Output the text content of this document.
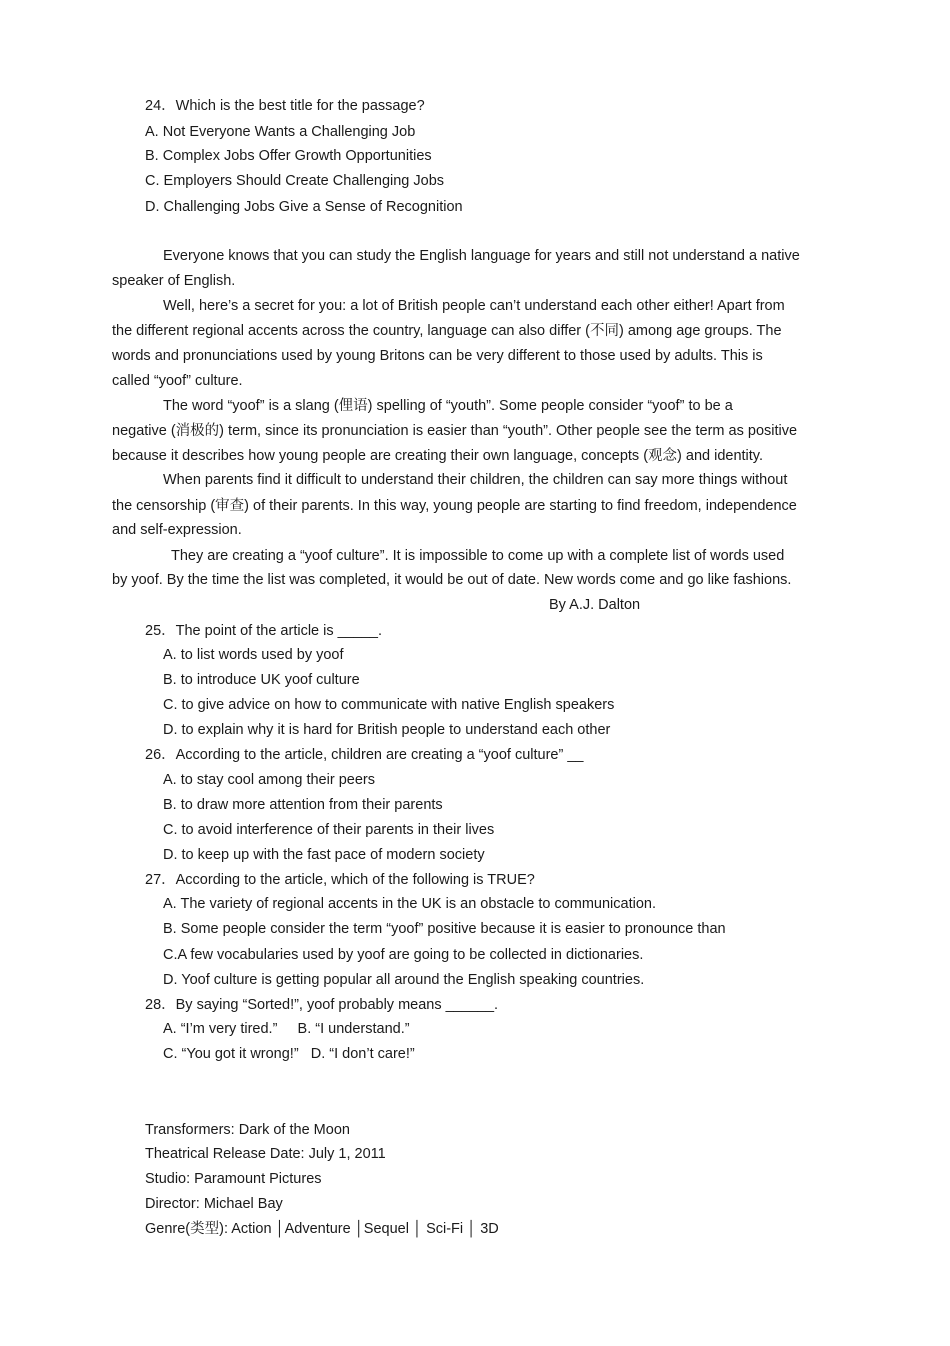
24．Which is the best title for the passage?
A. Not Everyone Wants a Challenging Job
B. Complex Jobs Offer Growth Opportunities
C. Employers Should Create Challenging Jobs
D. Challenging Jobs Give a Sense of Recognition
Everyone knows that you can study the English language for years and still not understand a native
speaker of English.
Well, here’s a secret for you: a lot of British people can’t understand each other either! Apart from
the different regional accents across the country, language can also differ (不同) among age groups. The
words and pronunciations used by young Britons can be very different to those used by adults. This is
called “yoof” culture.
The word “yoof” is a slang (俚语) spelling of “youth”. Some people consider “yoof” to be a
negative (消极的) term, since its pronunciation is easier than “youth”. Other people see the term as positive
because it describes how young people are creating their own language, concepts (观念) and identity.
When parents find it difficult to understand their children, the children can say more things without
the censorship (审查) of their parents. In this way, young people are starting to find freedom, independence
and self-expression.
They are creating a “yoof culture”. It is impossible to come up with a complete list of words used
by yoof. By the time the list was completed, it would be out of date. New words come and go like fashions.
By A.J. Dalton
25．The point of the article is _____.
A. to list words used by yoof
B. to introduce UK yoof culture
C. to give advice on how to communicate with native English speakers
D. to explain why it is hard for British people to understand each other
26．According to the article, children are creating a “yoof culture” __
A. to stay cool among their peers
B. to draw more attention from their parents
C. to avoid interference of their parents in their lives
D. to keep up with the fast pace of modern society
27．According to the article, which of the following is TRUE?
A. The variety of regional accents in the UK is an obstacle to communication.
B. Some people consider the term “yoof” positive because it is easier to pronounce than
C.A few vocabularies used by yoof are going to be collected in dictionaries.
D. Yoof culture is getting popular all around the English speaking countries.
28．By saying “Sorted!”, yoof probably means ______.
A. “I’m very tired.”     B. “I understand.”
C. “You got it wrong!”   D. “I don’t care!”
Transformers: Dark of the Moon
Theatrical Release Date: July 1, 2011
Studio: Paramount Pictures
Director: Michael Bay
Genre(类型): Action │Adventure │Sequel │ Sci-Fi │ 3D
